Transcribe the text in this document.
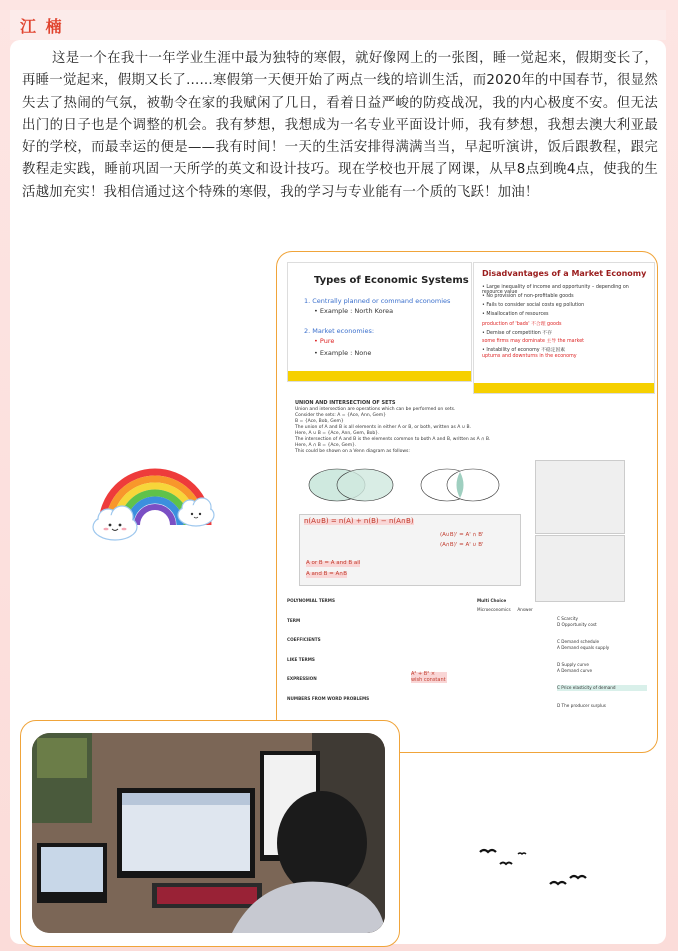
江 楠

这是一个在我十一年学业生涯中最为独特的寒假，就好像网上的一张图，睡一觉起来，假期变长了，再睡一觉起来，假期又长了......寒假第一天便开始了两点一线的培训生活，而2020年的中国春节，很显然失去了热闹的气氛，被勒令在家的我赋闲了几日，看着日益严峻的防疫战况，我的内心极度不安。但无法出门的日子也是个调整的机会。我有梦想，我想成为一名专业平面设计师，我有梦想，我想去澳大利亚最好的学校，而最幸运的便是——我有时间！一天的生活安排得满满当当，早起听演讲，饭后跟教程，跟完教程走实践，睡前巩固一天所学的英文和设计技巧。现在学校也开展了网课，从早8点到晚4点，使我的生活越加充实！我相信通过这个特殊的寒假，我的学习与专业能有一个质的飞跃！加油！

Types of Economic Systems
1. Centrally planned or command economies
• Example : North Korea
2. Market economies:
• Pure
• Example : None
Disadvantages of a Market Economy
• Large inequality of income and opportunity – depending on resource value
• No provision of non-profitable goods
• Fails to consider social costs eg pollution
• Misallocation of resources
production of 'bads' 不合理 goods
• Demise of competition 不存
some firms may dominate 主导 the market
• Instability of economy 不稳定因素
upturns and downturns in the economy
UNION AND INTERSECTION OF SETS
Union and intersection are operations which can be performed on sets.
Consider the sets: A = {Ace, Ann, Gem}
B = {Ace, Bob, Gem}
The union of A and B is all elements in either A or B, or both, written as A ∪ B.
Here, A ∪ B = {Ace, Ann, Gem, Bob}.
The intersection of A and B is the elements common to both A and B, written as A ∩ B.
Here, A ∩ B = {Ace, Gem}.
This could be shown on a Venn diagram as follows:
n(A∪B) = n(A) + n(B) − n(A∩B)
(A∪B)' = A' ∩ B'
(A∩B)' = A' ∪ B'
A or B = A and B all
A and B = A∩B
POLYNOMIAL TERMS
TERM
COEFFICIENTS
LIKE TERMS
EXPRESSION
NUMBERS FROM WORD PROBLEMS
A² + B² × wish constant
Multi Choice
Microeconomics Answer
C Scarcity
D Opportunity cost
C Demand schedule
A Demand equals supply
D Supply curve
A Demand curve
C Price elasticity of demand
D The producer surplus
